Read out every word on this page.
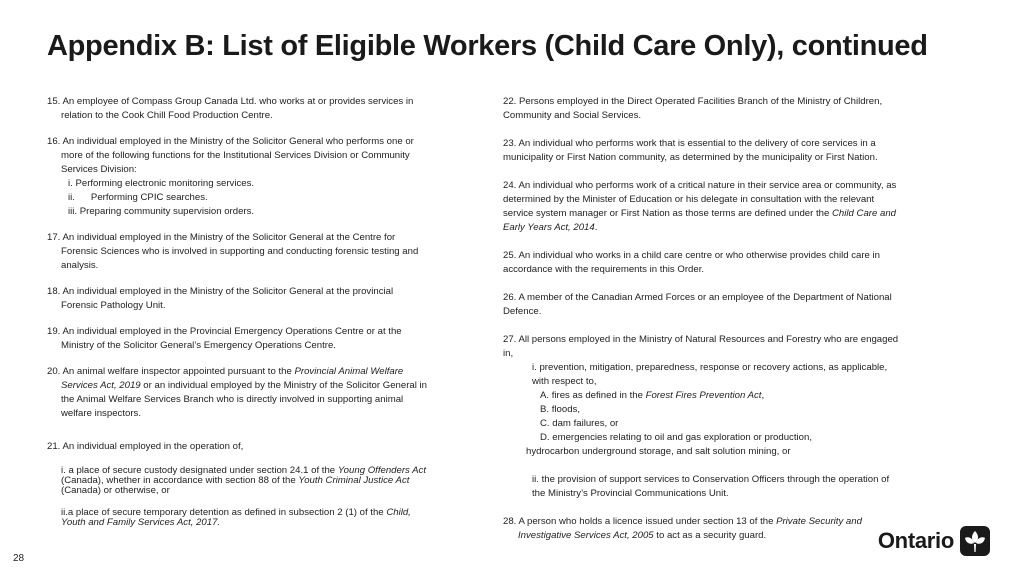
Appendix B: List of Eligible Workers (Child Care Only), continued

15. An employee of Compass Group Canada Ltd. who works at or provides services in

relation to the Cook Chill Food Production Centre.

16. An individual employed in the Ministry of the Solicitor General who performs one or

more of the following functions for the Institutional Services Division or Community

Services Division:

i. Performing electronic monitoring services.

ii.      Performing CPIC searches.

iii. Preparing community supervision orders.

17. An individual employed in the Ministry of the Solicitor General at the Centre for

Forensic Sciences who is involved in supporting and conducting forensic testing and

analysis.

18. An individual employed in the Ministry of the Solicitor General at the provincial

Forensic Pathology Unit.

19. An individual employed in the Provincial Emergency Operations Centre or at the

Ministry of the Solicitor General’s Emergency Operations Centre.

20. An animal welfare inspector appointed pursuant to the Provincial Animal Welfare

Services Act, 2019 or an individual employed by the Ministry of the Solicitor General in

the Animal Welfare Services Branch who is directly involved in supporting animal

welfare inspectors.

21. An individual employed in the operation of,

i. a place of secure custody designated under section 24.1 of the Young Offenders Act

(Canada), whether in accordance with section 88 of the Youth Criminal Justice Act

(Canada) or otherwise, or

ii.a place of secure temporary detention as defined in subsection 2 (1) of the Child,

Youth and Family Services Act, 2017.

22. Persons employed in the Direct Operated Facilities Branch of the Ministry of Children,

Community and Social Services.

23. An individual who performs work that is essential to the delivery of core services in a

municipality or First Nation community, as determined by the municipality or First Nation.

24. An individual who performs work of a critical nature in their service area or community, as

determined by the Minister of Education or his delegate in consultation with the relevant

service system manager or First Nation as those terms are defined under the Child Care and

Early Years Act, 2014.

25. An individual who works in a child care centre or who otherwise provides child care in

accordance with the requirements in this Order.

26. A member of the Canadian Armed Forces or an employee of the Department of National

Defence.

27. All persons employed in the Ministry of Natural Resources and Forestry who are engaged

in,

i. prevention, mitigation, preparedness, response or recovery actions, as applicable,

with respect to,

A. fires as defined in the Forest Fires Prevention Act,

B. floods,

C. dam failures, or

D. emergencies relating to oil and gas exploration or production,

hydrocarbon underground storage, and salt solution mining, or

ii. the provision of support services to Conservation Officers through the operation of

the Ministry’s Provincial Communications Unit.

28. A person who holds a licence issued under section 13 of the Private Security and

Investigative Services Act, 2005 to act as a security guard.

28
Ontario
